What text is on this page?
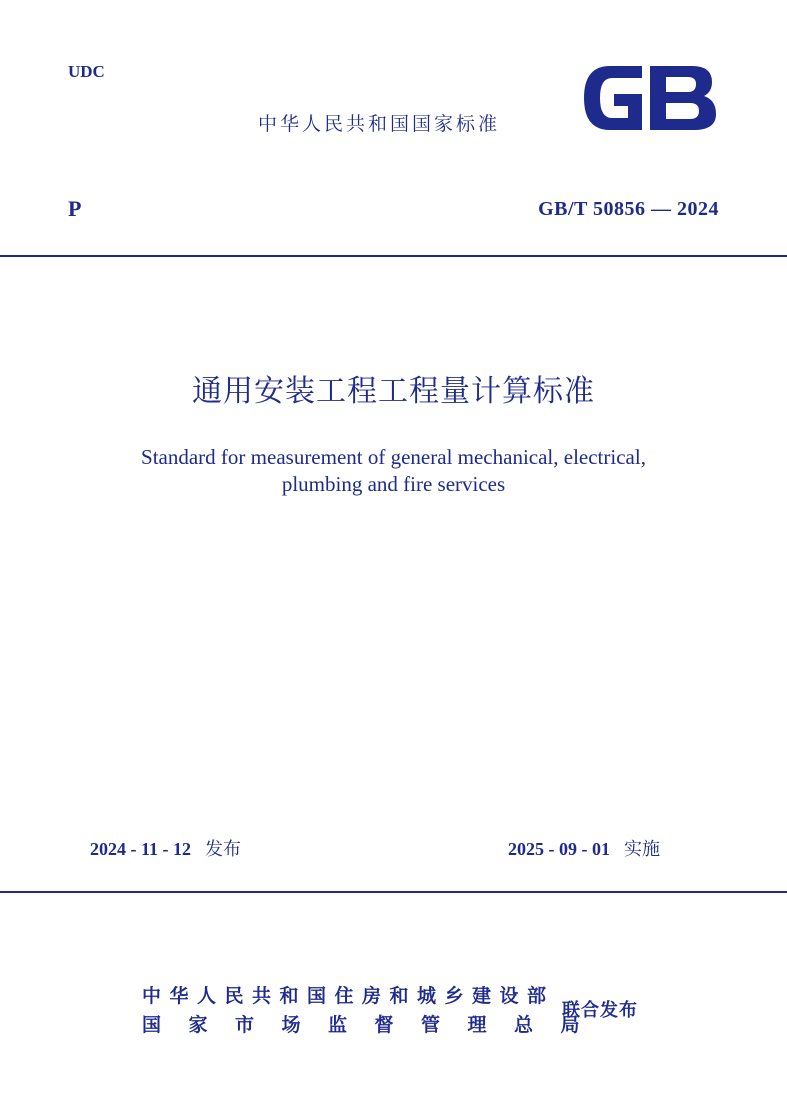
UDC
中华人民共和国国家标准
P	GB/T 50856 — 2024
通用安装工程工程量计算标准
Standard for measurement of general mechanical, electrical,
plumbing and fire services
2024 - 11 - 12 发布	2025 - 09 - 01 实施
中华人民共和国住房和城乡建设部
国家市场监督管理总局
联合发布
